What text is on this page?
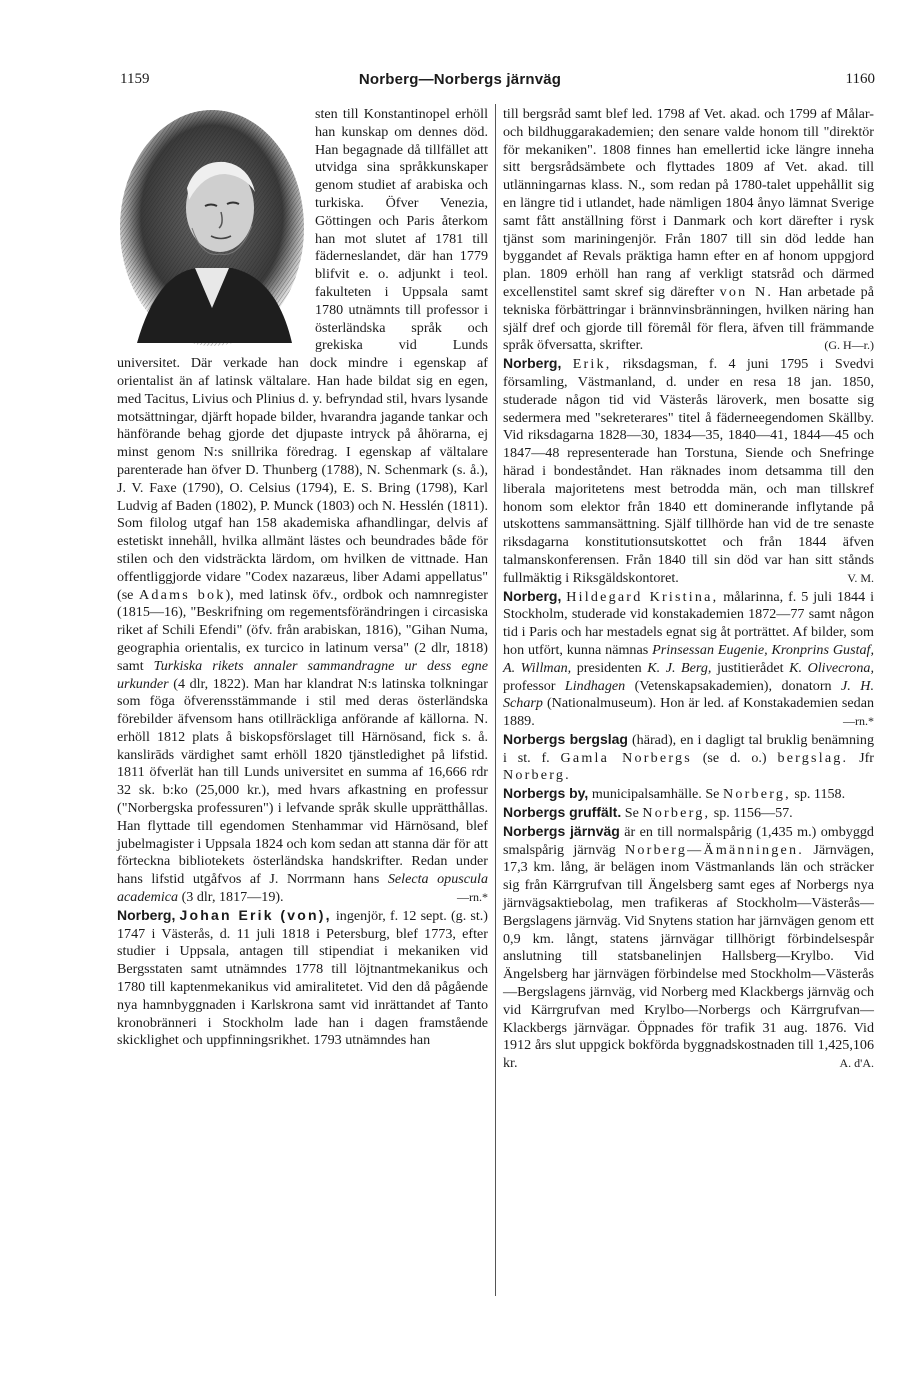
1159	Norberg—Norbergs järnväg	1160

sten till Konstantinopel erhöll han kunskap om dennes död. Han begagnade då tillfället att utvidga sina språkkunskaper genom studiet af arabiska och turkiska. Öfver Venezia, Göttingen och Paris återkom han mot slutet af 1781 till fäderneslandet, där han 1779 blifvit e. o. adjunkt i teol. fakulteten i Uppsala samt 1780 utnämnts till professor i österländska språk och grekiska vid Lunds universitet. Där verkade han dock mindre i egenskap af orientalist än af latinsk vältalare. Han hade bildat sig en egen, med Tacitus, Livius och Plinius d. y. befryndad stil, hvars lysande motsättningar, djärft hopade bilder, hvarandra jagande tankar och hänförande behag gjorde det djupaste intryck på åhörarna, ej minst genom N:s snillrika föredrag. I egenskap af vältalare parenterade han öfver D. Thunberg (1788), N. Schenmark (s. å.), J. V. Faxe (1790), O. Celsius (1794), E. S. Bring (1798), Karl Ludvig af Baden (1802), P. Munck (1803) och N. Hesslén (1811). Som filolog utgaf han 158 akademiska afhandlingar, delvis af estetiskt innehåll, hvilka allmänt lästes och beundrades både för stilen och den vidsträckta lärdom, om hvilken de vittnade. Han offentliggjorde vidare "Codex nazaræus, liber Adami appellatus" (se Adams bok), med latinsk öfv., ordbok och namnregister (1815—16), "Beskrifning om regementsförändringen i circasiska riket af Schili Efendi" (öfv. från arabiskan, 1816), "Gihan Numa, geographia orientalis, ex turcico in latinum versa" (2 dlr, 1818) samt Turkiska rikets annaler sammandragne ur dess egne urkunder (4 dlr, 1822). Man har klandrat N:s latinska tolkningar som föga öfverensstämmande i stil med deras österländska förebilder äfvensom hans otillräckliga anförande af källorna. N. erhöll 1812 plats å biskopsförslaget till Härnösand, fick s. å. kanslirāds värdighet samt erhöll 1820 tjänstledighet på lifstid. 1811 öfverlät han till Lunds universitet en summa af 16,666 rdr 32 sk. b:ko (25,000 kr.), med hvars afkastning en professur ("Norbergska professuren") i lefvande språk skulle upprätthållas. Han flyttade till egendomen Stenhammar vid Härnösand, blef jubelmagister i Uppsala 1824 och kom sedan att stanna där för att förteckna bibliotekets österländska handskrifter. Redan under hans lifstid utgåfvos af J. Norrmann hans Selecta opuscula academica (3 dlr, 1817—19).	—rn.*

Norberg, Johan Erik (von), ingenjör, f. 12 sept. (g. st.) 1747 i Västerås, d. 11 juli 1818 i Petersburg, blef 1773, efter studier i Uppsala, antagen till stipendiat i mekaniken vid Bergsstaten samt utnämndes 1778 till löjtnantmekanikus och 1780 till kaptenmekanikus vid amiralitetet. Vid den då pågående nya hamnbyggnaden i Karlskrona samt vid inrättandet af Tanto kronobränneri i Stockholm lade han i dagen framstående skicklighet och uppfinningsrikhet. 1793 utnämndes han

till bergsråd samt blef led. 1798 af Vet. akad. och 1799 af Målar- och bildhuggarakademien; den senare valde honom till "direktör för mekaniken". 1808 finnes han emellertid icke längre inneha sitt bergsrådsämbete och flyttades 1809 af Vet. akad. till utlänningarnas klass. N., som redan på 1780-talet uppehållit sig en längre tid i utlandet, hade nämligen 1804 ånyo lämnat Sverige samt fått anställning först i Danmark och kort därefter i rysk tjänst som mariningenjör. Från 1807 till sin död ledde han byggandet af Revals präktiga hamn efter en af honom uppgjord plan. 1809 erhöll han rang af verkligt statsråd och därmed excellenstitel samt skref sig därefter von N. Han arbetade på tekniska förbättringar i brännvinsbränningen, hvilken näring han själf dref och gjorde till föremål för flera, äfven till främmande språk öfversatta, skrifter.	(G. H—r.)

Norberg, Erik, riksdagsman, f. 4 juni 1795 i Svedvi församling, Västmanland, d. under en resa 18 jan. 1850, studerade någon tid vid Västerås läroverk, men bosatte sig sedermera med "sekreterares" titel å fäderneegendomen Skällby. Vid riksdagarna 1828—30, 1834—35, 1840—41, 1844—45 och 1847—48 representerade han Torstuna, Siende och Snefringe härad i bondeståndet. Han räknades inom detsamma till den liberala majoritetens mest betrodda män, och man tillskref honom som elektor från 1840 ett dominerande inflytande på utskottens sammansättning. Själf tillhörde han vid de tre senaste riksdagarna konstitutionsutskottet och från 1844 äfven talmanskonferensen. Från 1840 till sin död var han sitt stånds fullmäktig i Riksgäldskontoret.	V. M.

Norberg, Hildegard Kristina, målarinna, f. 5 juli 1844 i Stockholm, studerade vid konstakademien 1872—77 samt någon tid i Paris och har mestadels egnat sig åt porträttet. Af bilder, som hon utfört, kunna nämnas Prinsessan Eugenie, Kronprins Gustaf, A. Willman, presidenten K. J. Berg, justitierådet K. Olivecrona, professor Lindhagen (Vetenskapsakademien), donatorn J. H. Scharp (Nationalmuseum). Hon är led. af Konstakademien sedan 1889.	—rn.*

Norbergs bergslag (härad), en i dagligt tal bruklig benämning i st. f. Gamla Norbergs (se d. o.) bergslag. Jfr Norberg.

Norbergs by, municipalsamhälle. Se Norberg, sp. 1158.

Norbergs gruffält. Se Norberg, sp. 1156—57.

Norbergs järnväg är en till normalspårig (1,435 m.) ombyggd smalspårig järnväg Norberg—Ämänningen. Järnvägen, 17,3 km. lång, är belägen inom Västmanlands län och sträcker sig från Kärrgrufvan till Ängelsberg samt eges af Norbergs nya järnvägsaktiebolag, men trafikeras af Stockholm—Västerås—Bergslagens järnväg. Vid Snytens station har järnvägen genom ett 0,9 km. långt, statens järnvägar tillhörigt förbindelsespår anslutning till statsbanelinjen Hallsberg—Krylbo. Vid Ängelsberg har järnvägen förbindelse med Stockholm—Västerås—Bergslagens järnväg, vid Norberg med Klackbergs järnväg och vid Kärrgrufvan med Krylbo—Norbergs och Kärrgrufvan—Klackbergs järnvägar. Öppnades för trafik 31 aug. 1876. Vid 1912 års slut uppgick bokförda byggnadskostnaden till 1,425,106 kr.	A. d'A.
